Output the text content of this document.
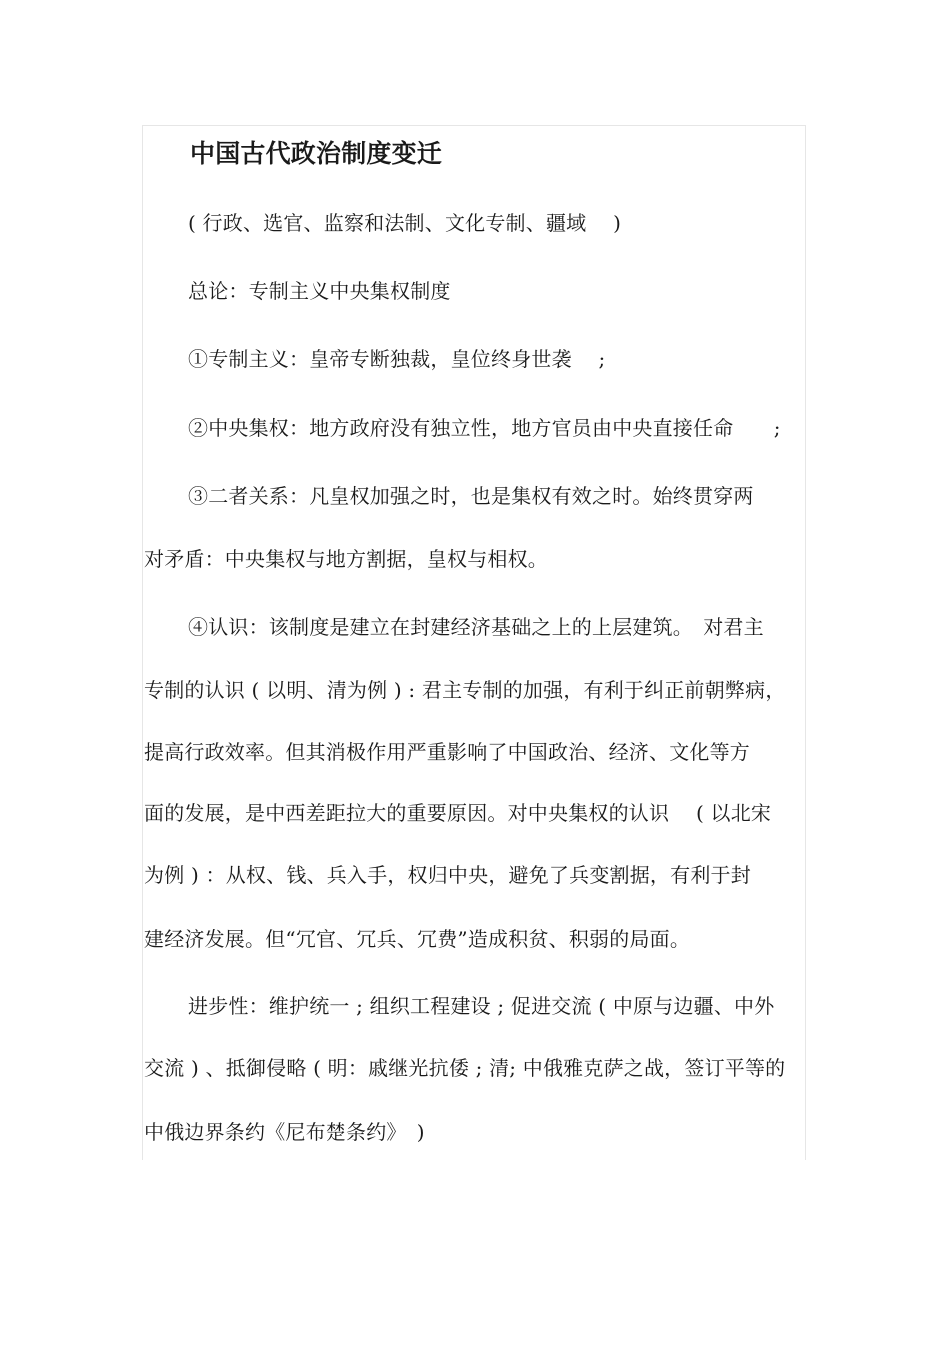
中国古代政治制度变迁

( 行政、选官、监察和法制、文化专制、疆域　 )

总论：专制主义中央集权制度

①专制主义：皇帝专断独裁，皇位终身世袭　 ;

②中央集权：地方政府没有独立性，地方官员由中央直接任命　　;

③二者关系：凡皇权加强之时，也是集权有效之时。始终贯穿两

对矛盾：中央集权与地方割据，皇权与相权。

④认识：该制度是建立在封建经济基础之上的上层建筑。　对君主

专制的认识 ( 以明、清为例 ) : 君主专制的加强，有利于纠正前朝弊病，

提高行政效率。但其消极作用严重影响了中国政治、经济、文化等方

面的发展，是中西差距拉大的重要原因。对中央集权的认识　 ( 以北宋

为例 ) ：从权、钱、兵入手，权归中央，避免了兵变割据，有利于封

建经济发展。但“冗官、冗兵、冗费”造成积贫、积弱的局面。

进步性：维护统一 ; 组织工程建设 ; 促进交流 ( 中原与边疆、中外

交流 ) 、抵御侵略 ( 明：戚继光抗倭 ; 清; 中俄雅克萨之战，签订平等的

中俄边界条约《尼布楚条约》　)
